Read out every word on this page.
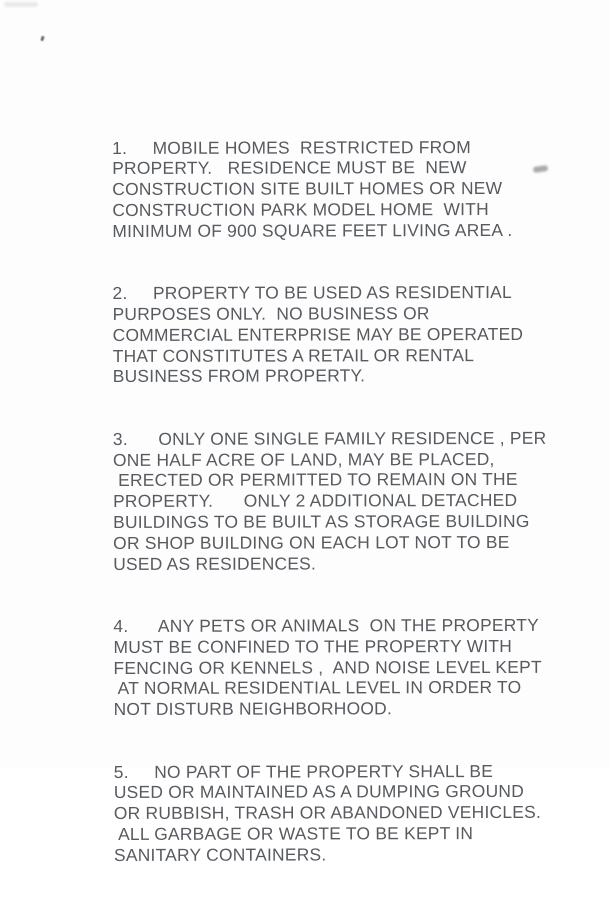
1.     MOBILE HOMES  RESTRICTED FROM
PROPERTY.   RESIDENCE MUST BE  NEW
CONSTRUCTION SITE BUILT HOMES OR NEW
CONSTRUCTION PARK MODEL HOME  WITH
MINIMUM OF 900 SQUARE FEET LIVING AREA .

2.     PROPERTY TO BE USED AS RESIDENTIAL
PURPOSES ONLY.  NO BUSINESS OR
COMMERCIAL ENTERPRISE MAY BE OPERATED
THAT CONSTITUTES A RETAIL OR RENTAL
BUSINESS FROM PROPERTY.

3.      ONLY ONE SINGLE FAMILY RESIDENCE , PER
ONE HALF ACRE OF LAND, MAY BE PLACED,
ERECTED OR PERMITTED TO REMAIN ON THE
PROPERTY.      ONLY 2 ADDITIONAL DETACHED
BUILDINGS TO BE BUILT AS STORAGE BUILDING
OR SHOP BUILDING ON EACH LOT NOT TO BE
USED AS RESIDENCES.

4.      ANY PETS OR ANIMALS  ON THE PROPERTY
MUST BE CONFINED TO THE PROPERTY WITH
FENCING OR KENNELS ,  AND NOISE LEVEL KEPT
AT NORMAL RESIDENTIAL LEVEL IN ORDER TO
NOT DISTURB NEIGHBORHOOD.

5.     NO PART OF THE PROPERTY SHALL BE
USED OR MAINTAINED AS A DUMPING GROUND
OR RUBBISH, TRASH OR ABANDONED VEHICLES.
ALL GARBAGE OR WASTE TO BE KEPT IN
SANITARY CONTAINERS.
